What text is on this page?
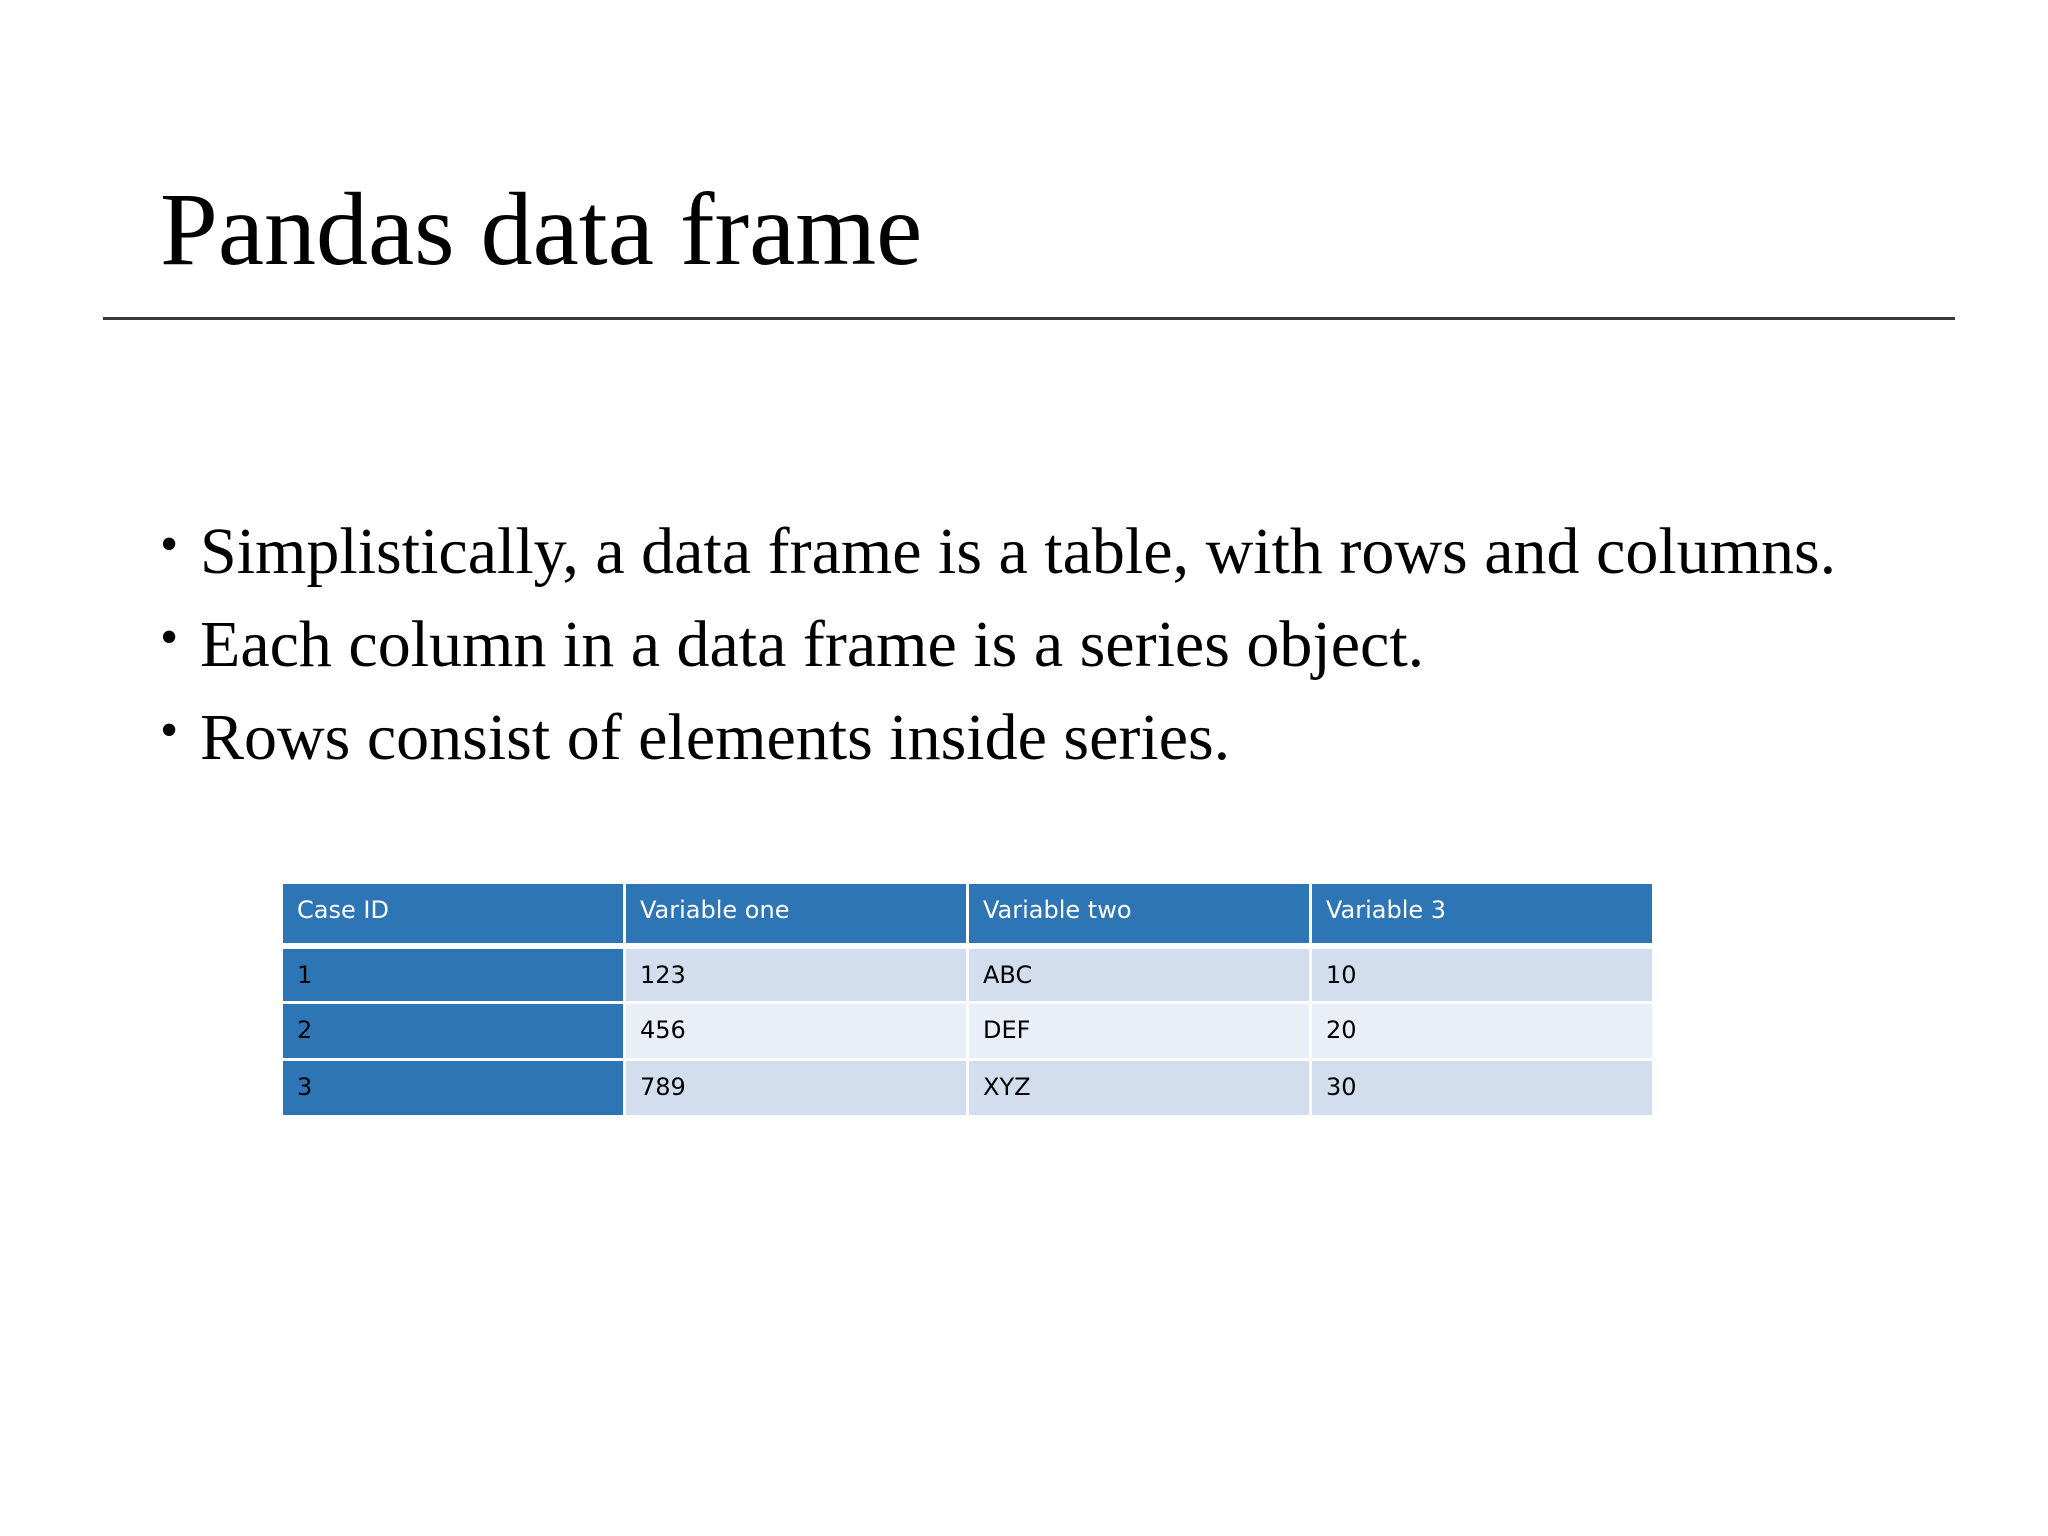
Pandas data frame
• Simplistically, a data frame is a table, with rows and columns.
• Each column in a data frame is a series object.
• Rows consist of elements inside series.
Case ID	Variable one	Variable two	Variable 3
1	123	ABC	10
2	456	DEF	20
3	789	XYZ	30
